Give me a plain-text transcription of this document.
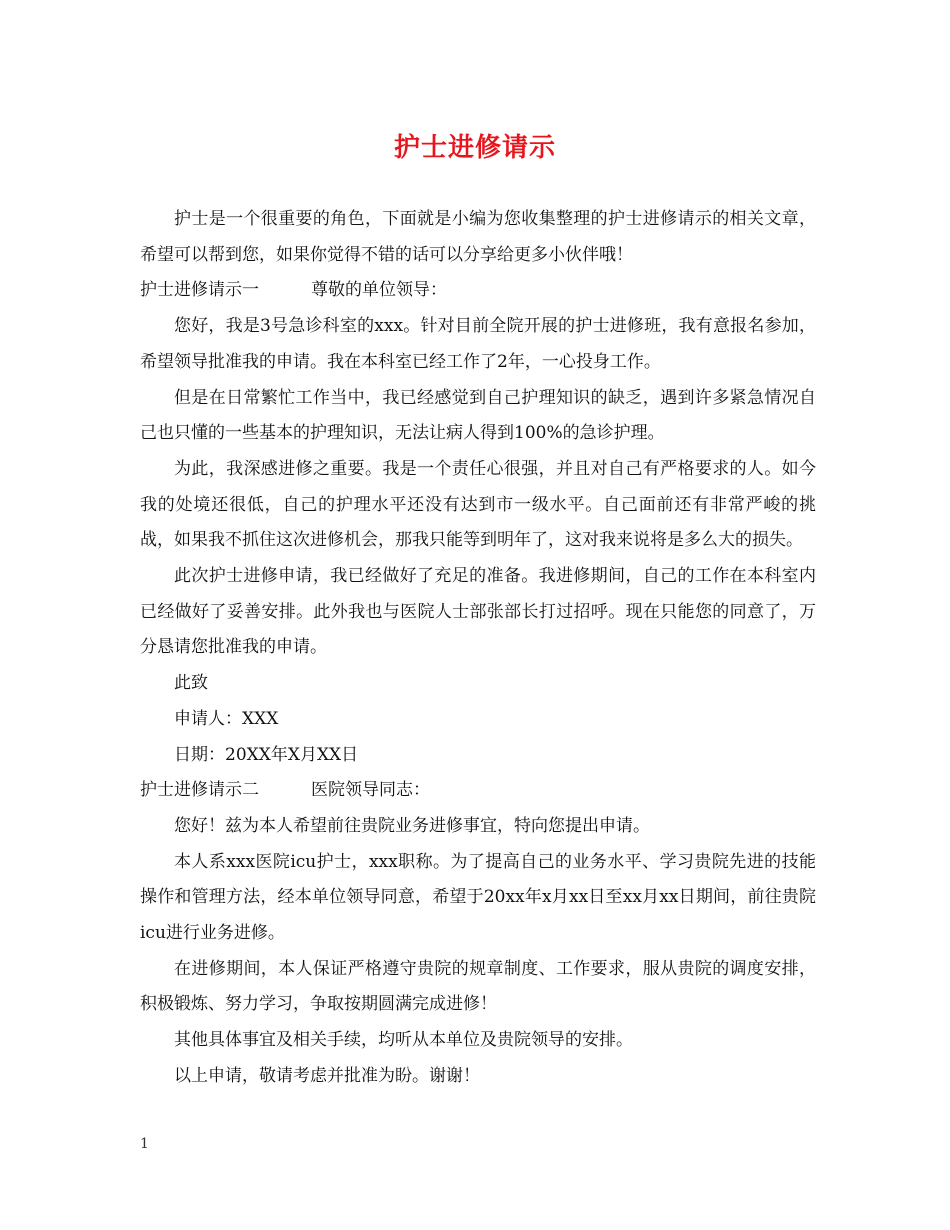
护士进修请示

护士是一个很重要的角色，下面就是小编为您收集整理的护士进修请示的相关文章，希望可以帮到您，如果你觉得不错的话可以分享给更多小伙伴哦！

护士进修请示一	尊敬的单位领导：

您好，我是3号急诊科室的xxx。针对目前全院开展的护士进修班，我有意报名参加，希望领导批准我的申请。我在本科室已经工作了2年，一心投身工作。

但是在日常繁忙工作当中，我已经感觉到自己护理知识的缺乏，遇到许多紧急情况自己也只懂的一些基本的护理知识，无法让病人得到100%的急诊护理。

为此，我深感进修之重要。我是一个责任心很强，并且对自己有严格要求的人。如今我的处境还很低，自己的护理水平还没有达到市一级水平。自己面前还有非常严峻的挑战，如果我不抓住这次进修机会，那我只能等到明年了，这对我来说将是多么大的损失。

此次护士进修申请，我已经做好了充足的准备。我进修期间，自己的工作在本科室内已经做好了妥善安排。此外我也与医院人士部张部长打过招呼。现在只能您的同意了，万分恳请您批准我的申请。

此致

申请人：XXX

日期：20XX年X月XX日

护士进修请示二	医院领导同志：

您好！兹为本人希望前往贵院业务进修事宜，特向您提出申请。

本人系xxx医院icu护士，xxx职称。为了提高自己的业务水平、学习贵院先进的技能操作和管理方法，经本单位领导同意，希望于20xx年x月xx日至xx月xx日期间，前往贵院icu进行业务进修。

在进修期间，本人保证严格遵守贵院的规章制度、工作要求，服从贵院的调度安排，积极锻炼、努力学习，争取按期圆满完成进修！

其他具体事宜及相关手续，均听从本单位及贵院领导的安排。

以上申请，敬请考虑并批准为盼。谢谢！

1
